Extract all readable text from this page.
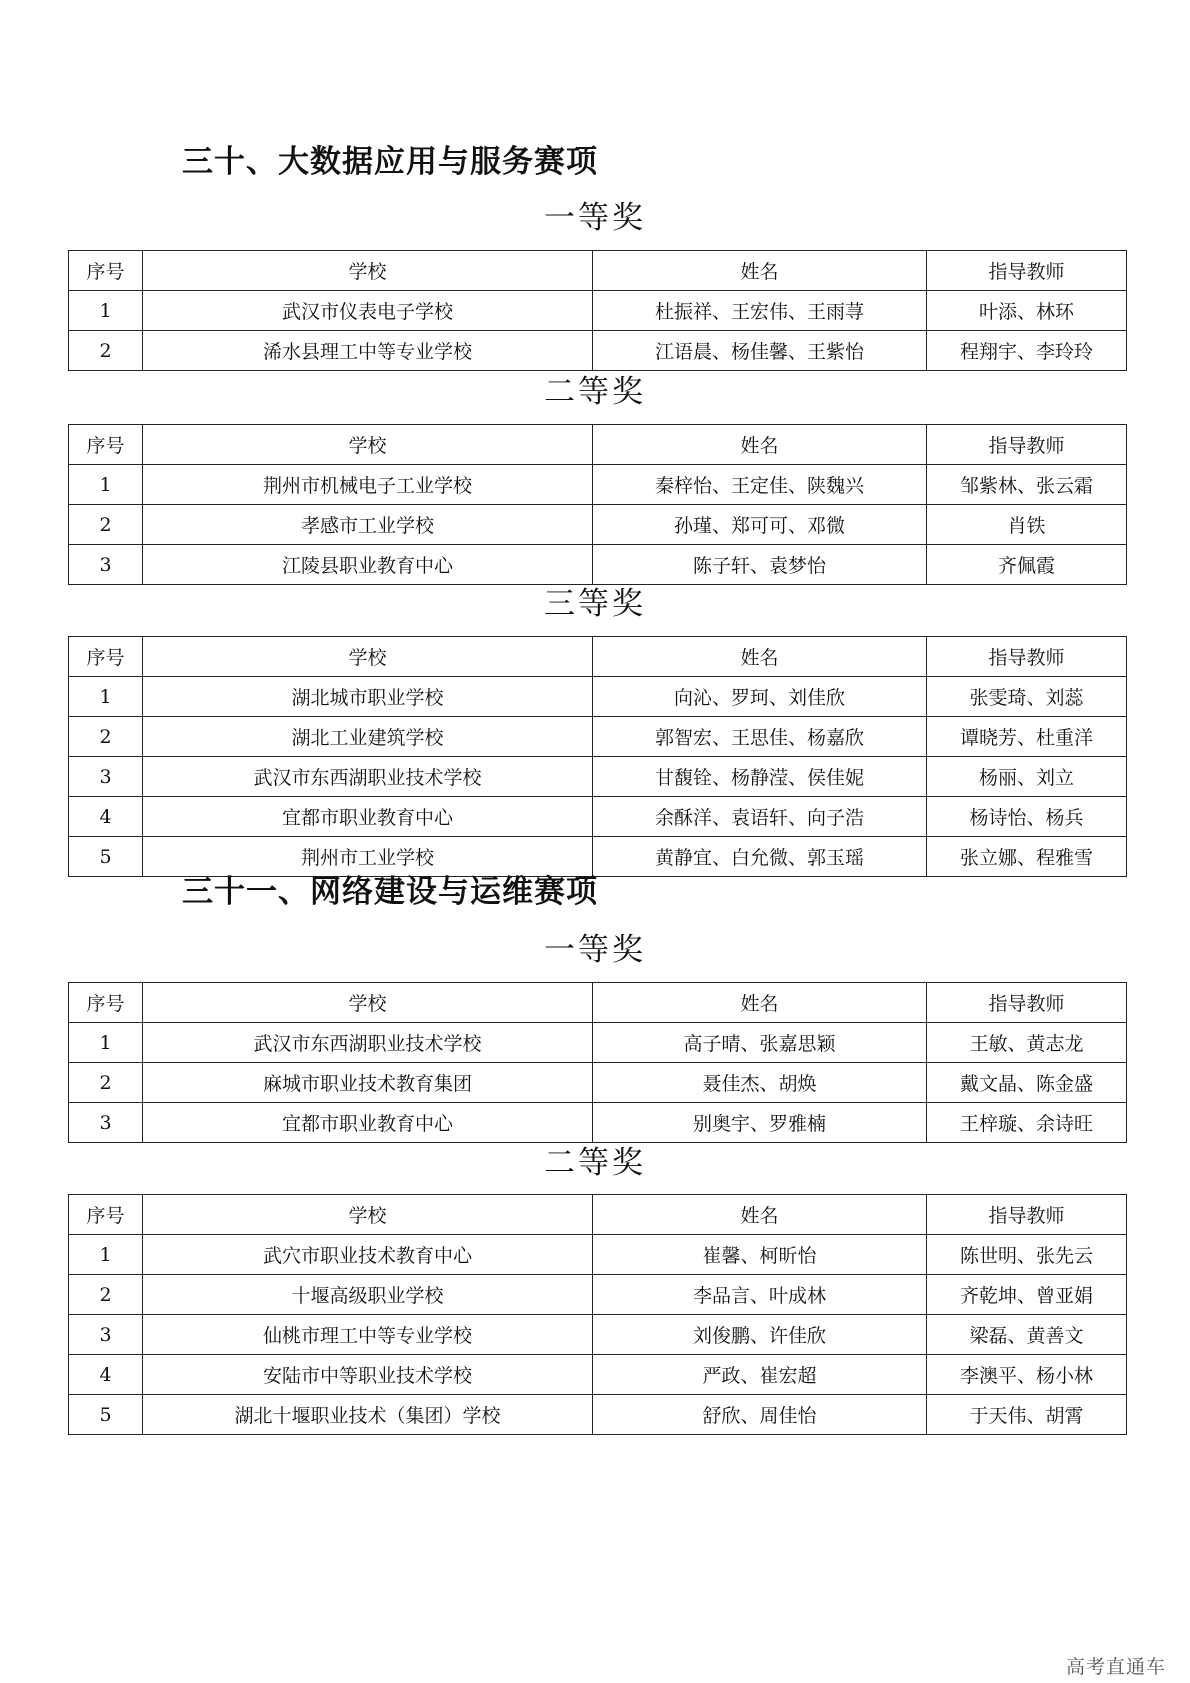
三十、大数据应用与服务赛项
一等奖
序号	学校	姓名	指导教师
1	武汉市仪表电子学校	杜振祥、王宏伟、王雨荨	叶添、林环
2	浠水县理工中等专业学校	江语晨、杨佳馨、王紫怡	程翔宇、李玲玲
二等奖
序号	学校	姓名	指导教师
1	荆州市机械电子工业学校	秦梓怡、王定佳、陕魏兴	邹紫林、张云霜
2	孝感市工业学校	孙瑾、郑可可、邓微	肖铁
3	江陵县职业教育中心	陈子轩、袁梦怡	齐佩霞
三等奖
序号	学校	姓名	指导教师
1	湖北城市职业学校	向沁、罗珂、刘佳欣	张雯琦、刘蕊
2	湖北工业建筑学校	郭智宏、王思佳、杨嘉欣	谭晓芳、杜重洋
3	武汉市东西湖职业技术学校	甘馥铨、杨静滢、侯佳妮	杨丽、刘立
4	宜都市职业教育中心	余酥洋、袁语轩、向子浩	杨诗怡、杨兵
5	荆州市工业学校	黄静宜、白允微、郭玉瑶	张立娜、程雅雪
三十一、网络建设与运维赛项
一等奖
序号	学校	姓名	指导教师
1	武汉市东西湖职业技术学校	高子晴、张嘉思颖	王敏、黄志龙
2	麻城市职业技术教育集团	聂佳杰、胡焕	戴文晶、陈金盛
3	宜都市职业教育中心	别奥宇、罗雅楠	王梓璇、余诗旺
二等奖
序号	学校	姓名	指导教师
1	武穴市职业技术教育中心	崔馨、柯昕怡	陈世明、张先云
2	十堰高级职业学校	李品言、叶成林	齐乾坤、曾亚娟
3	仙桃市理工中等专业学校	刘俊鹏、许佳欣	梁磊、黄善文
4	安陆市中等职业技术学校	严政、崔宏超	李澳平、杨小林
5	湖北十堰职业技术（集团）学校	舒欣、周佳怡	于天伟、胡霄
高考直通车
